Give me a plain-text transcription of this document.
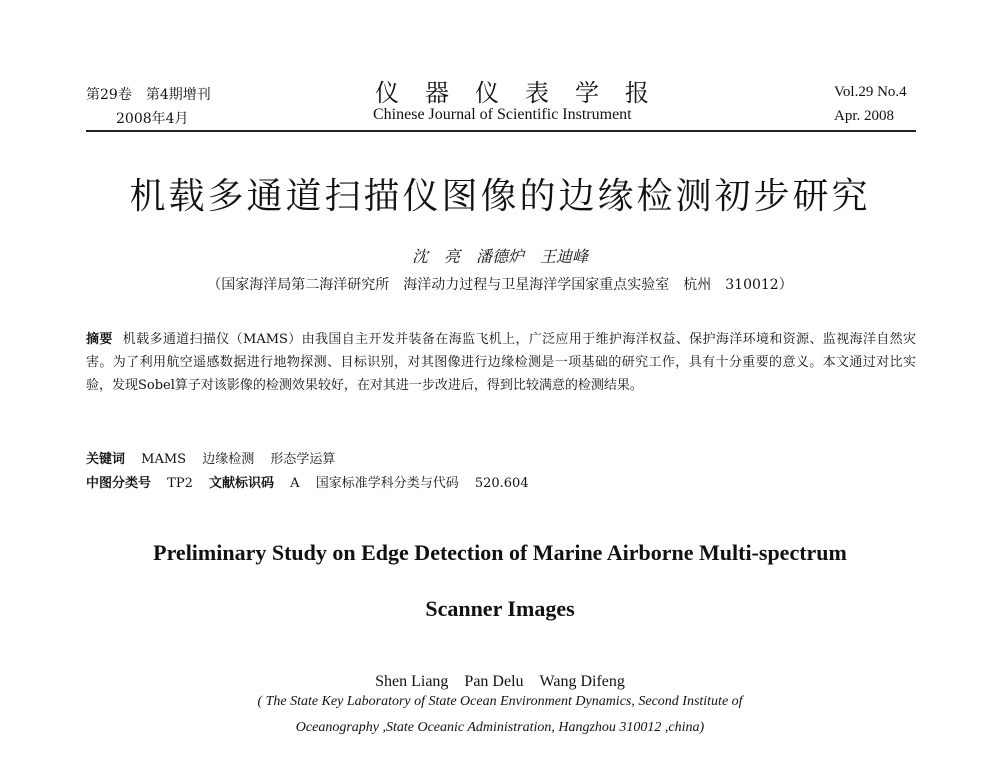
第29卷　第4期增刊
2008年4月
仪器仪表学报
Chinese Journal of Scientific Instrument
Vol.29 No.4
Apr. 2008
机载多通道扫描仪图像的边缘检测初步研究
沈　亮　潘德炉　王迪峰
（国家海洋局第二海洋研究所　海洋动力过程与卫星海洋学国家重点实验室　杭州　310012）
摘要 机载多通道扫描仪（MAMS）由我国自主开发并装备在海监飞机上，广泛应用于维护海洋权益、保护海洋环境和资源、监视海洋自然灾害。为了利用航空遥感数据进行地物探测、目标识别，对其图像进行边缘检测是一项基础的研究工作，具有十分重要的意义。本文通过对比实验，发现Sobel算子对该影像的检测效果较好，在对其进一步改进后，得到比较满意的检测结果。
关键词 MAMS 边缘检测 形态学运算
中图分类号 TP2 文献标识码 A 国家标准学科分类与代码 520.604
Preliminary Study on Edge Detection of Marine Airborne Multi-spectrum
Scanner Images
Shen Liang　Pan Delu　Wang Difeng
( The State Key Laboratory of State Ocean Environment Dynamics, Second Institute of
Oceanography ,State Oceanic Administration, Hangzhou 310012 ,china)
